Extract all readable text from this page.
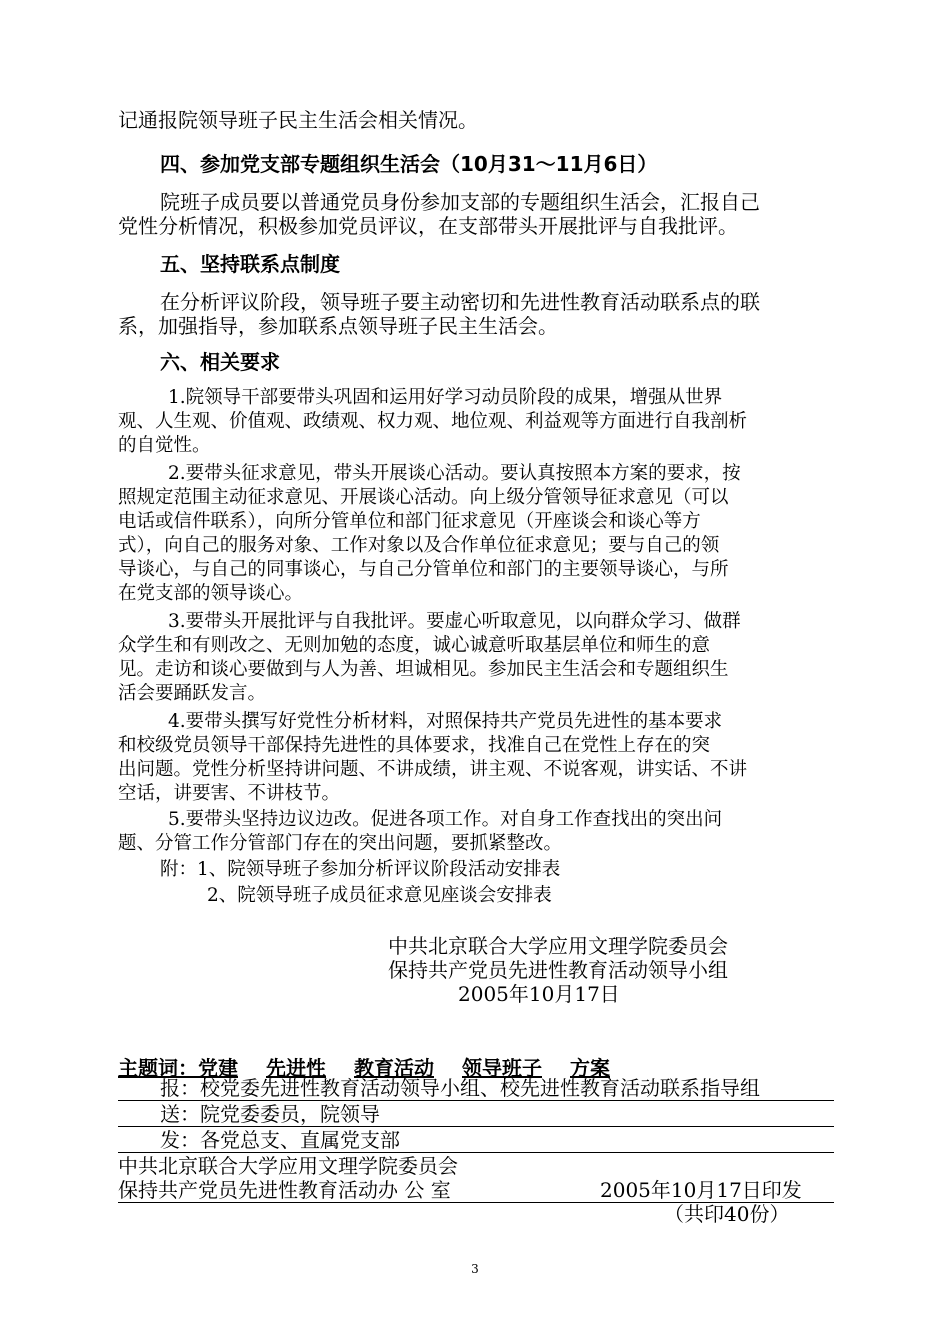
记通报院领导班子民主生活会相关情况。
四、参加党支部专题组织生活会（10月31～11月6日）
院班子成员要以普通党员身份参加支部的专题组织生活会，汇报自己
党性分析情况，积极参加党员评议，在支部带头开展批评与自我批评。
五、坚持联系点制度
在分析评议阶段，领导班子要主动密切和先进性教育活动联系点的联
系，加强指导，参加联系点领导班子民主生活会。
六、相关要求
1.院领导干部要带头巩固和运用好学习动员阶段的成果，增强从世界
观、人生观、价值观、政绩观、权力观、地位观、利益观等方面进行自我剖析
的自觉性。
2.要带头征求意见，带头开展谈心活动。要认真按照本方案的要求，按
照规定范围主动征求意见、开展谈心活动。向上级分管领导征求意见（可以
电话或信件联系），向所分管单位和部门征求意见（开座谈会和谈心等方
式），向自己的服务对象、工作对象以及合作单位征求意见；要与自己的领
导谈心，与自己的同事谈心，与自己分管单位和部门的主要领导谈心，与所
在党支部的领导谈心。
3.要带头开展批评与自我批评。要虚心听取意见，以向群众学习、做群
众学生和有则改之、无则加勉的态度，诚心诚意听取基层单位和师生的意
见。走访和谈心要做到与人为善、坦诚相见。参加民主生活会和专题组织生
活会要踊跃发言。
4.要带头撰写好党性分析材料，对照保持共产党员先进性的基本要求
和校级党员领导干部保持先进性的具体要求，找准自己在党性上存在的突
出问题。党性分析坚持讲问题、不讲成绩，讲主观、不说客观，讲实话、不讲
空话，讲要害、不讲枝节。
5.要带头坚持边议边改。促进各项工作。对自身工作查找出的突出问
题、分管工作分管部门存在的突出问题，要抓紧整改。
附：1、院领导班子参加分析评议阶段活动安排表
2、院领导班子成员征求意见座谈会安排表
中共北京联合大学应用文理学院委员会
保持共产党员先进性教育活动领导小组
2005年10月17日
主题词：党建 先进性 教育活动 领导班子 方案
报：校党委先进性教育活动领导小组、校先进性教育活动联系指导组
送：院党委委员，院领导
发：各党总支、直属党支部
中共北京联合大学应用文理学院委员会
保持共产党员先进性教育活动办 公 室	2005年10月17日印发
（共印40份）
3
